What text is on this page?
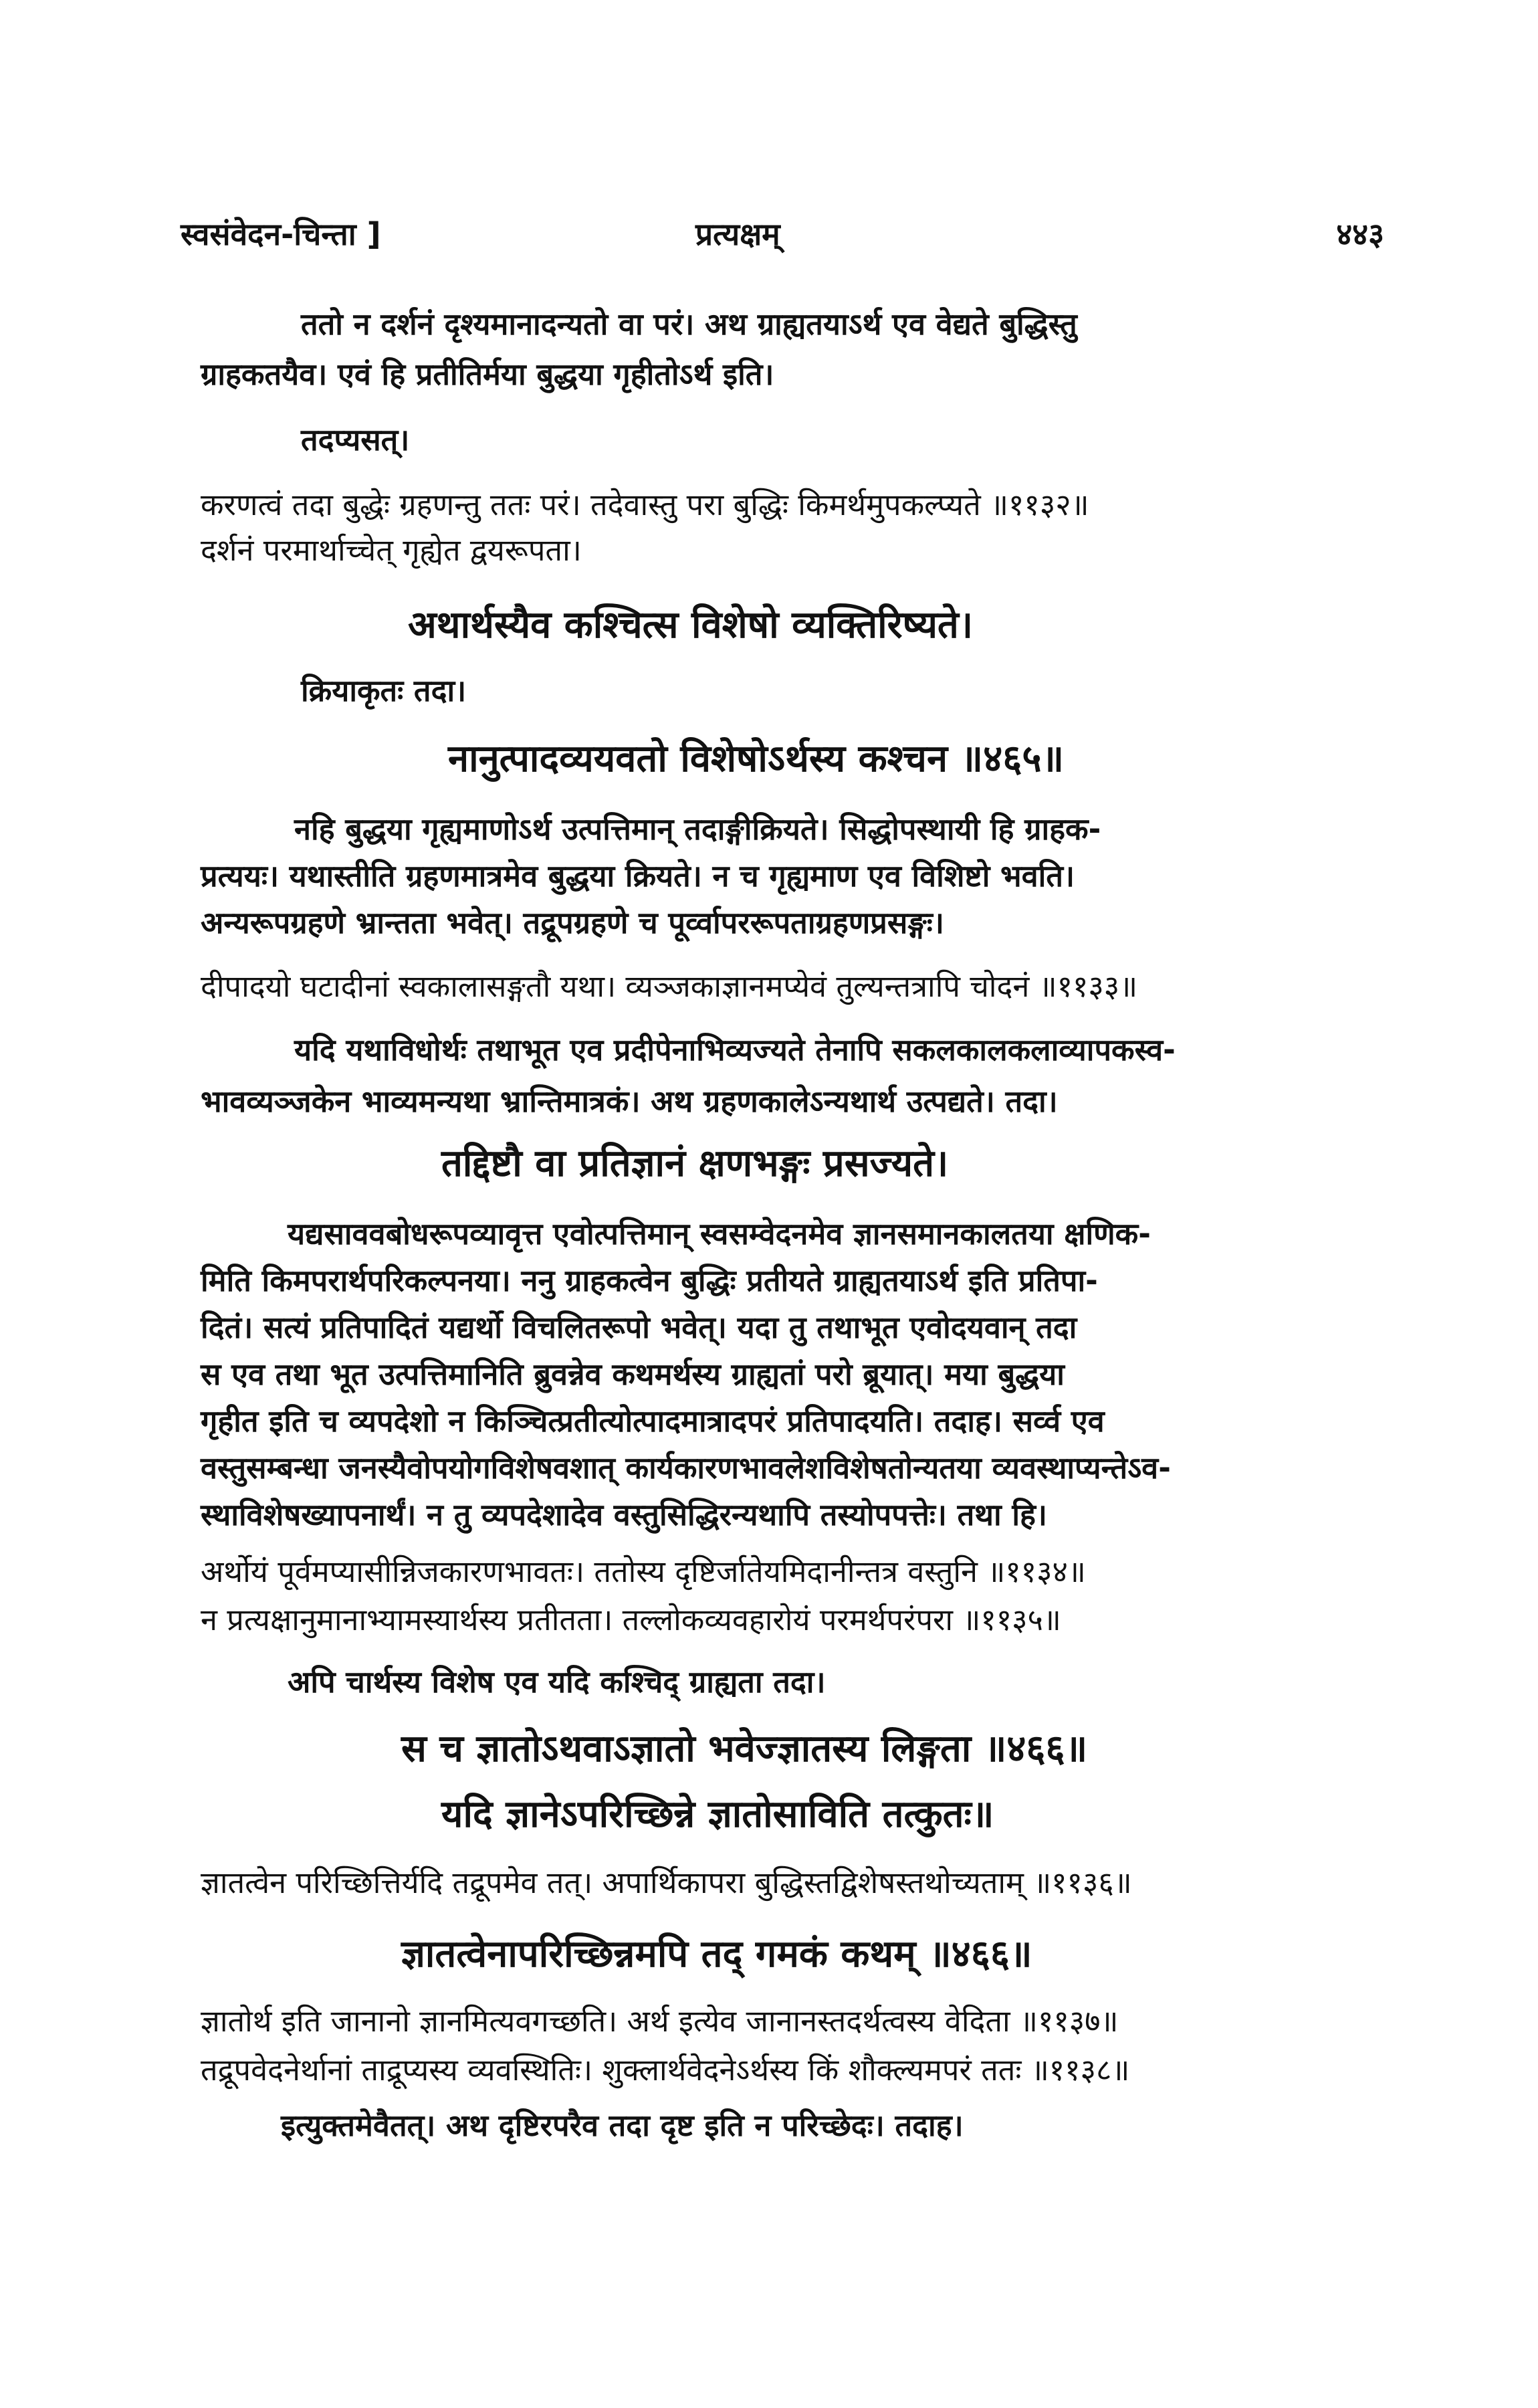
स्वसंवेदन-चिन्ता ]	प्रत्यक्षम्	४४३
ततो न दर्शनं दृश्यमानादन्यतो वा परं। अथ ग्राह्यतयाऽर्थ एव वेद्यते बुद्धिस्तु
ग्राहकतयैव। एवं हि प्रतीतिर्मया बुद्धया गृहीतोऽर्थ इति।
तदप्यसत्।
करणत्वं तदा बुद्धेः ग्रहणन्तु ततः परं। तदेवास्तु परा बुद्धिः किमर्थमुपकल्प्यते ॥११३२॥
दर्शनं परमार्थाच्चेत् गृह्येत द्वयरूपता।
अथार्थस्यैव कश्चित्स विशेषो व्यक्तिरिष्यते।
क्रियाकृतः तदा।
नानुत्पादव्ययवतो विशेषोऽर्थस्य कश्चन ॥४६५॥
नहि बुद्धया गृह्यमाणोऽर्थ उत्पत्तिमान् तदाङ्गीक्रियते। सिद्धोपस्थायी हि ग्राहक-
प्रत्ययः। यथास्तीति ग्रहणमात्रमेव बुद्धया क्रियते। न च गृह्यमाण एव विशिष्टो भवति।
अन्यरूपग्रहणे भ्रान्तता भवेत्। तद्रूपग्रहणे च पूर्व्वापररूपताग्रहणप्रसङ्गः।
दीपादयो घटादीनां स्वकालासङ्गतौ यथा। व्यञ्जकाज्ञानमप्येवं तुल्यन्तत्रापि चोदनं ॥११३३॥
यदि यथाविधोर्थः तथाभूत एव प्रदीपेनाभिव्यज्यते तेनापि सकलकालकलाव्यापकस्व-
भावव्यञ्जकेन भाव्यमन्यथा भ्रान्तिमात्रकं। अथ ग्रहणकालेऽन्यथार्थ उत्पद्यते। तदा।
तद्दिष्टौ वा प्रतिज्ञानं क्षणभङ्गः प्रसज्यते।
यद्यसाववबोधरूपव्यावृत्त एवोत्पत्तिमान् स्वसम्वेदनमेव ज्ञानसमानकालतया क्षणिक-
मिति किमपरार्थपरिकल्पनया। ननु ग्राहकत्वेन बुद्धिः प्रतीयते ग्राह्यतयाऽर्थ इति प्रतिपा-
दितं। सत्यं प्रतिपादितं यद्यर्थो विचलितरूपो भवेत्। यदा तु तथाभूत एवोदयवान् तदा
स एव तथा भूत उत्पत्तिमानिति ब्रुवन्नेव कथमर्थस्य ग्राह्यतां परो ब्रूयात्। मया बुद्धया
गृहीत इति च व्यपदेशो न किञ्चित्प्रतीत्योत्पादमात्रादपरं प्रतिपादयति। तदाह। सर्व्व एव
वस्तुसम्बन्धा जनस्यैवोपयोगविशेषवशात् कार्यकारणभावलेशविशेषतोन्यतया व्यवस्थाप्यन्तेऽव-
स्थाविशेषख्यापनार्थं। न तु व्यपदेशादेव वस्तुसिद्धिरन्यथापि तस्योपपत्तेः। तथा हि।
अर्थोयं पूर्वमप्यासीन्निजकारणभावतः। ततोस्य दृष्टिर्जातेयमिदानीन्तत्र वस्तुनि ॥११३४॥
न प्रत्यक्षानुमानाभ्यामस्यार्थस्य प्रतीतता। तल्लोकव्यवहारोयं परमर्थपरंपरा ॥११३५॥
अपि चार्थस्य विशेष एव यदि कश्चिद् ग्राह्यता तदा।
स च ज्ञातोऽथवाऽज्ञातो भवेज्ज्ञातस्य लिङ्गता ॥४६६॥
यदि ज्ञानेऽपरिच्छिन्ने ज्ञातोसाविति तत्कुतः॥
ज्ञातत्वेन परिच्छित्तिर्यदि तद्रूपमेव तत्। अपार्थिकापरा बुद्धिस्तद्विशेषस्तथोच्यताम् ॥११३६॥
ज्ञातत्वेनापरिच्छिन्नमपि तद् गमकं कथम् ॥४६६॥
ज्ञातोर्थ इति जानानो ज्ञानमित्यवगच्छति। अर्थ इत्येव जानानस्तदर्थत्वस्य वेदिता ॥११३७॥
तद्रूपवेदनेर्थानां ताद्रूप्यस्य व्यवस्थितिः। शुक्लार्थवेदनेऽर्थस्य किं शौक्ल्यमपरं ततः ॥११३८॥
इत्युक्तमेवैतत्। अथ दृष्टिरपरैव तदा दृष्ट इति न परिच्छेदः। तदाह।
